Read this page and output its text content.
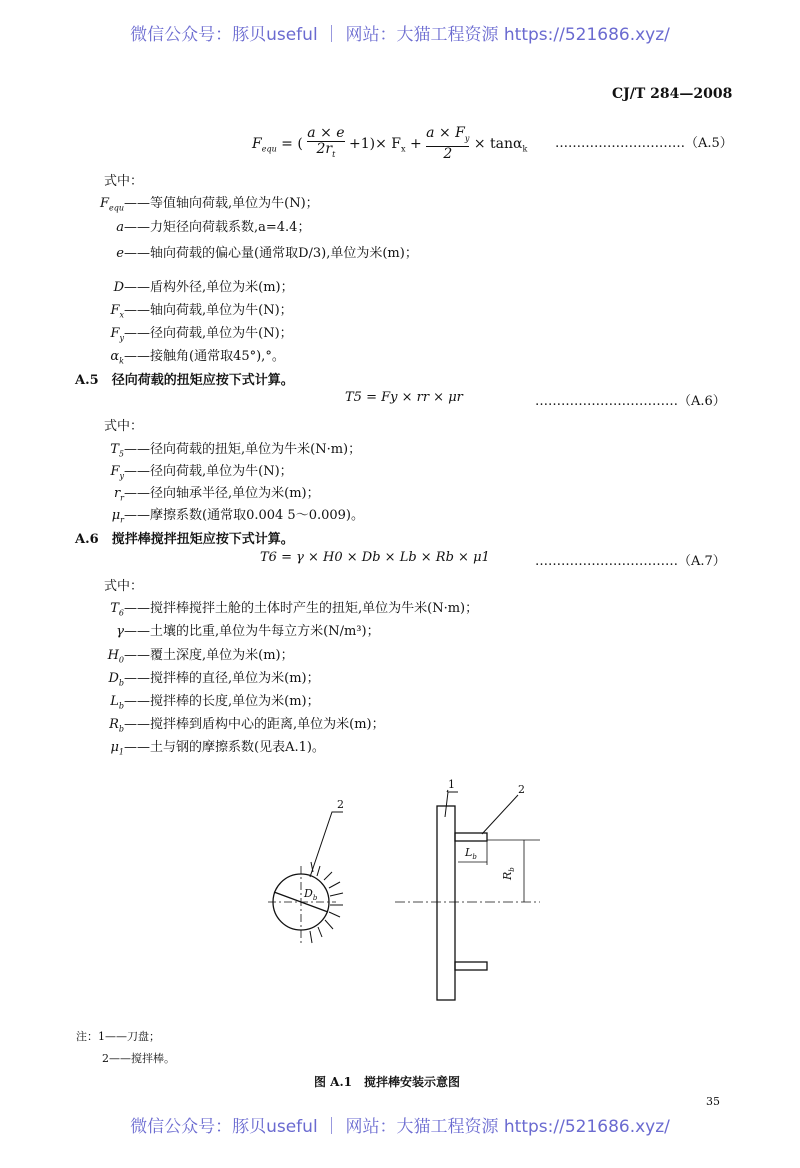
微信公众号：豚贝useful ｜ 网站：大猫工程资源 https://521686.xyz/
CJ/T 284—2008
$F_{equ}$ = (
a × e
$2r_t +1)\times F_x + \frac{a \times F_y}{2} \times \tan\alpha_k$ …………………………（A.5）
式中：
$F_{equ}——$等值轴向荷载,单位为牛(N)；
a——力矩径向荷载系数,a=4.4；
e——轴向荷载的偏心量(通常取D/3),单位为米(m)；
D——盾构外径,单位为米(m)；
$F_x——$轴向荷载,单位为牛(N)；
$F_y——$径向荷载,单位为牛(N)；
$\alpha_k——$接触角(通常取45°),°。
A.5　 径向荷载的扭矩应按下式计算。
T5 = Fy × rr × μr	……………………………（A.6）
式中：
$T_5——$径向荷载的扭矩,单位为牛米(N·m)；
$F_y——$径向荷载,单位为牛(N)；
$r_r——$径向轴承半径,单位为米(m)；
$\mu_r——$摩擦系数(通常取0.004 5～0.009)。
A.6　 搅拌棒搅拌扭矩应按下式计算。
T6 = γ × H0 × Db × Lb × Rb × μ1	……………………………（A.7）
式中：
$T_6——$搅拌棒搅拌土舱的土体时产生的扭矩,单位为牛米(N·m)；
γ——土壤的比重,单位为牛每立方米(N/m³)；
$H_0——$覆土深度,单位为米(m)；
$D_b——$搅拌棒的直径,单位为米(m)；
$L_b——$搅拌棒的长度,单位为米(m)；
$R_b——$搅拌棒到盾构中心的距离,单位为米(m)；
$\mu_1——$土与钢的摩擦系数(见表A.1)。
2
$D_b$
1	2
$L_b$
$R_b$
注：1——刀盘；
2——搅拌棒。
图 A.1　搅拌棒安装示意图
35
微信公众号：豚贝useful ｜ 网站：大猫工程资源 https://521686.xyz/
